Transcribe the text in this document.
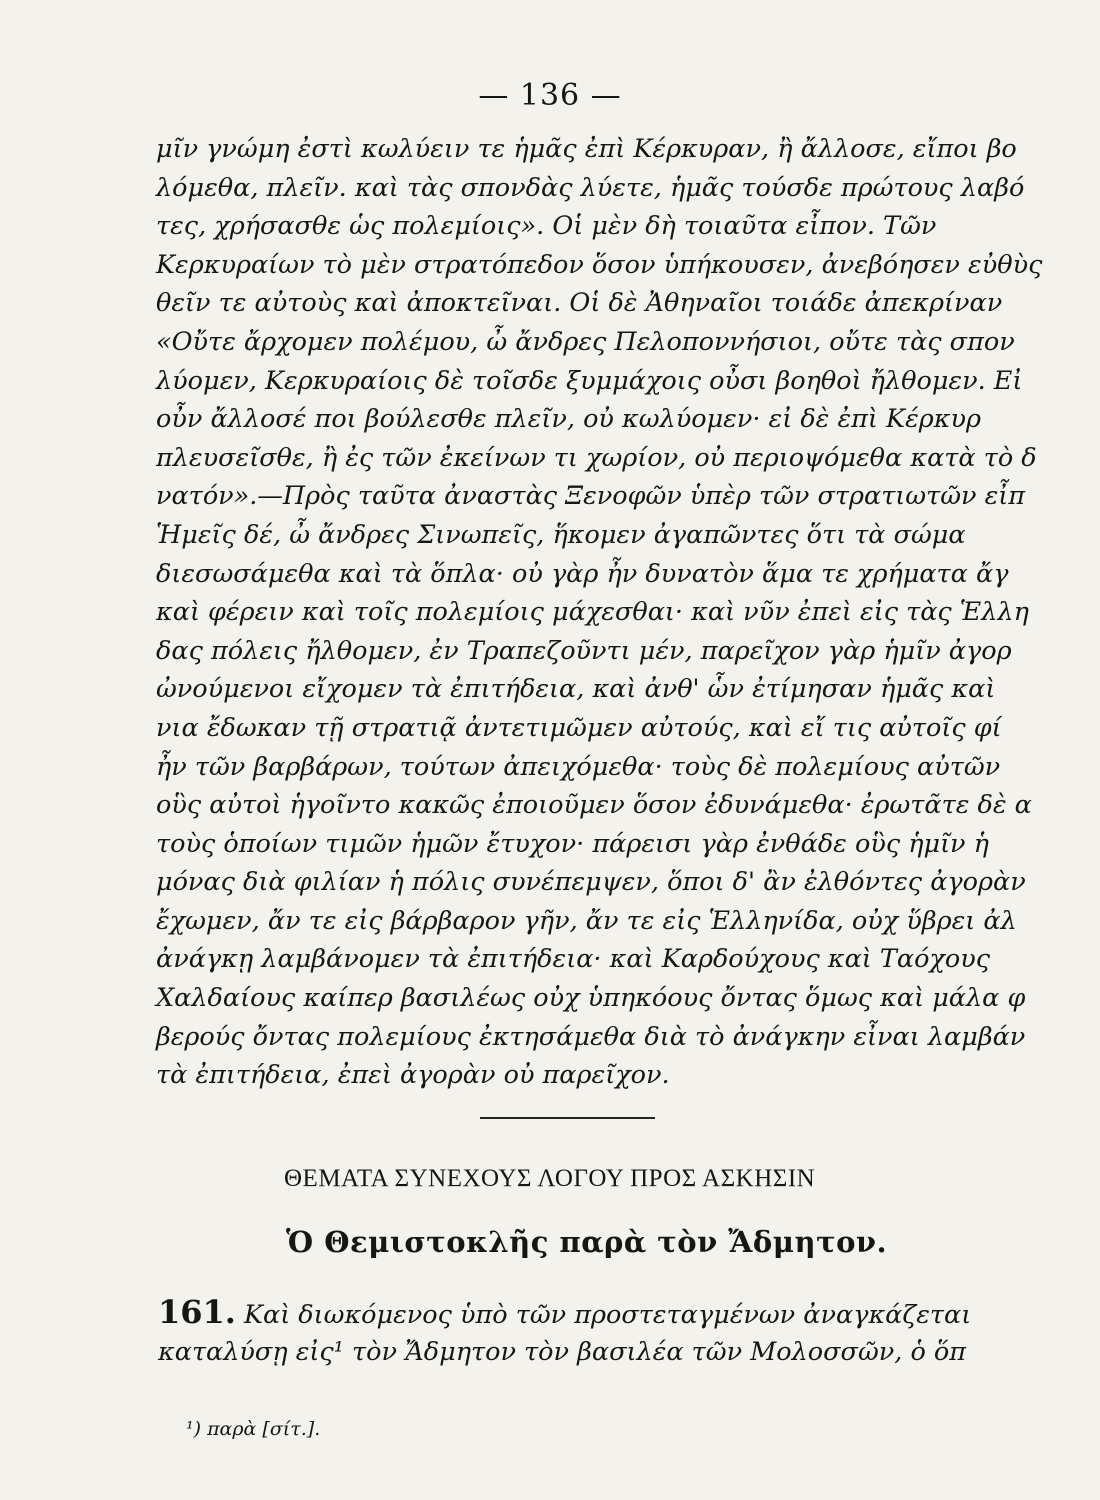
— 136 —
μῖν γνώμη ἐστὶ κωλύειν τε ἡμᾶς ἐπὶ Κέρκυραν, ἢ ἄλλοσε, εἴποι βο
λόμεθα, πλεῖν. καὶ τὰς σπονδὰς λύετε, ἡμᾶς τούσδε πρώτους λαβό
τες, χρήσασθε ὡς πολεμίοις». Οἱ μὲν δὴ τοιαῦτα εἶπον. Τῶν
Κερκυραίων τὸ μὲν στρατόπεδον ὅσον ὑπήκουσεν, ἀνεβόησεν εὐθὺς
θεῖν τε αὐτοὺς καὶ ἀποκτεῖναι. Οἱ δὲ Ἀθηναῖοι τοιάδε ἀπεκρίναν
«Οὔτε ἄρχομεν πολέμου, ὦ ἄνδρες Πελοποννήσιοι, οὔτε τὰς σπον
λύομεν, Κερκυραίοις δὲ τοῖσδε ξυμμάχοις οὖσι βοηθοὶ ἤλθομεν. Εἰ
οὖν ἄλλοσέ ποι βούλεσθε πλεῖν, οὐ κωλύομεν· εἰ δὲ ἐπὶ Κέρκυρ
πλευσεῖσθε, ἢ ἐς τῶν ἐκείνων τι χωρίον, οὐ περιοψόμεθα κατὰ τὸ δ
νατόν».—Πρὸς ταῦτα ἀναστὰς Ξενοφῶν ὑπὲρ τῶν στρατιωτῶν εἶπ
Ἡμεῖς δέ, ὦ ἄνδρες Σινωπεῖς, ἥκομεν ἀγαπῶντες ὅτι τὰ σώμα
διεσωσάμεθα καὶ τὰ ὅπλα· οὐ γὰρ ἦν δυνατὸν ἅμα τε χρήματα ἄγ
καὶ φέρειν καὶ τοῖς πολεμίοις μάχεσθαι· καὶ νῦν ἐπεὶ εἰς τὰς Ἑλλη
δας πόλεις ἤλθομεν, ἐν Τραπεζοῦντι μέν, παρεῖχον γὰρ ἡμῖν ἀγορ
ὠνούμενοι εἴχομεν τὰ ἐπιτήδεια, καὶ ἀνθ' ὧν ἐτίμησαν ἡμᾶς καὶ
νια ἔδωκαν τῇ στρατιᾷ ἀντετιμῶμεν αὐτούς, καὶ εἴ τις αὐτοῖς φί
ἦν τῶν βαρβάρων, τούτων ἀπειχόμεθα· τοὺς δὲ πολεμίους αὐτῶν
οὓς αὐτοὶ ἡγοῖντο κακῶς ἐποιοῦμεν ὅσον ἐδυνάμεθα· ἐρωτᾶτε δὲ α
τοὺς ὁποίων τιμῶν ἡμῶν ἔτυχον· πάρεισι γὰρ ἐνθάδε οὓς ἡμῖν ἡ
μόνας διὰ φιλίαν ἡ πόλις συνέπεμψεν, ὅποι δ' ἂν ἐλθόντες ἀγορὰν
ἔχωμεν, ἄν τε εἰς βάρβαρον γῆν, ἄν τε εἰς Ἑλληνίδα, οὐχ ὕβρει ἀλ
ἀνάγκῃ λαμβάνομεν τὰ ἐπιτήδεια· καὶ Καρδούχους καὶ Ταόχους
Χαλδαίους καίπερ βασιλέως οὐχ ὑπηκόους ὄντας ὅμως καὶ μάλα φ
βερούς ὄντας πολεμίους ἐκτησάμεθα διὰ τὸ ἀνάγκην εἶναι λαμβάν
τὰ ἐπιτήδεια, ἐπεὶ ἀγορὰν οὐ παρεῖχον.
ΘΕΜΑΤΑ ΣΥΝΕΧΟΥΣ ΛΟΓΟΥ ΠΡΟΣ ΑΣΚΗΣΙΝ
Ὁ Θεμιστοκλῆς παρὰ τὸν Ἄδμητον.
161. Καὶ διωκόμενος ὑπὸ τῶν προστεταγμένων ἀναγκάζεται
καταλύσῃ εἰς¹ τὸν Ἄδμητον τὸν βασιλέα τῶν Μολοσσῶν, ὁ ὅπ
¹) παρὰ [σίτ.].
